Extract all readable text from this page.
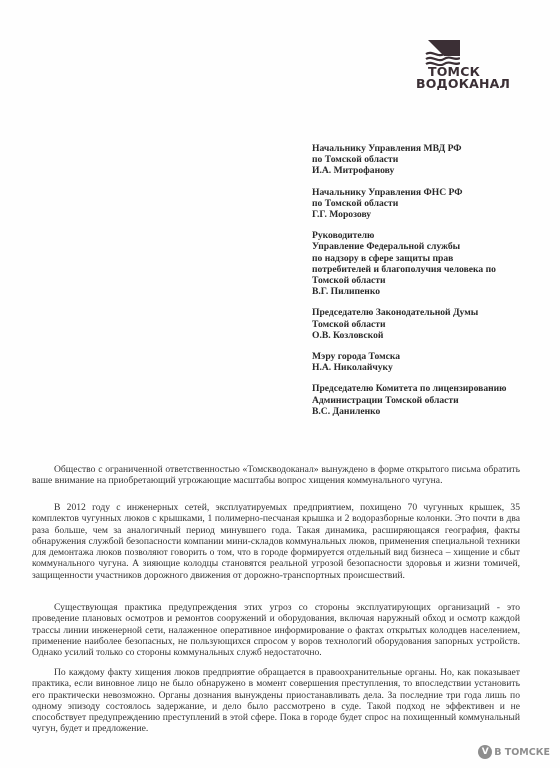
ТОМСК
ВОДОКАНАЛ
Начальнику Управления МВД РФ
по Томской области
И.А. Митрофанову
Начальнику Управления ФНС РФ
по Томской области
Г.Г. Морозову
Руководителю
Управление Федеральной службы
по надзору в сфере защиты прав
потребителей и благополучия человека по
Томской области
В.Г. Пилипенко
Председателю Законодательной Думы
Томской области
О.В. Козловской
Мэру города Томска
Н.А. Николайчуку
Председателю Комитета по лицензированию
Администрации Томской области
В.С. Даниленко
Общество с ограниченной ответственностью «Томскводоканал» вынуждено в форме открытого письма обратить ваше внимание на приобретающий угрожающие масштабы вопрос хищения коммунального чугуна.
В 2012 году с инженерных сетей, эксплуатируемых предприятием, похищено 70 чугунных крышек, 35 комплектов чугунных люков с крышками, 1 полимерно-песчаная крышка и 2 водоразборные колонки. Это почти в два раза больше, чем за аналогичный период минувшего года. Такая динамика, расширяющаяся география, факты обнаружения службой безопасности компании мини-складов коммунальных люков, применения специальной техники для демонтажа люков позволяют говорить о том, что в городе формируется отдельный вид бизнеса – хищение и сбыт коммунального чугуна. А зияющие колодцы становятся реальной угрозой безопасности здоровья и жизни томичей, защищенности участников дорожного движения от дорожно-транспортных происшествий.
Существующая практика предупреждения этих угроз со стороны эксплуатирующих организаций - это проведение плановых осмотров и ремонтов сооружений и оборудования, включая наружный обход и осмотр каждой трассы линии инженерной сети, налаженное оперативное информирование о фактах открытых колодцев населением, применение наиболее безопасных, не пользующихся спросом у воров технологий оборудования запорных устройств. Однако усилий только со стороны коммунальных служб недостаточно.
По каждому факту хищения люков предприятие обращается в правоохранительные органы. Но, как показывает практика, если виновное лицо не было обнаружено в момент совершения преступления, то впоследствии установить его практически невозможно. Органы дознания вынуждены приостанавливать дела. За последние три года лишь по одному эпизоду состоялось задержание, и дело было рассмотрено в суде. Такой подход не эффективен и не способствует предупреждению преступлений в этой сфере. Пока в городе будет спрос на похищенный коммунальный чугун, будет и предложение.
V В ТОМСКЕ
